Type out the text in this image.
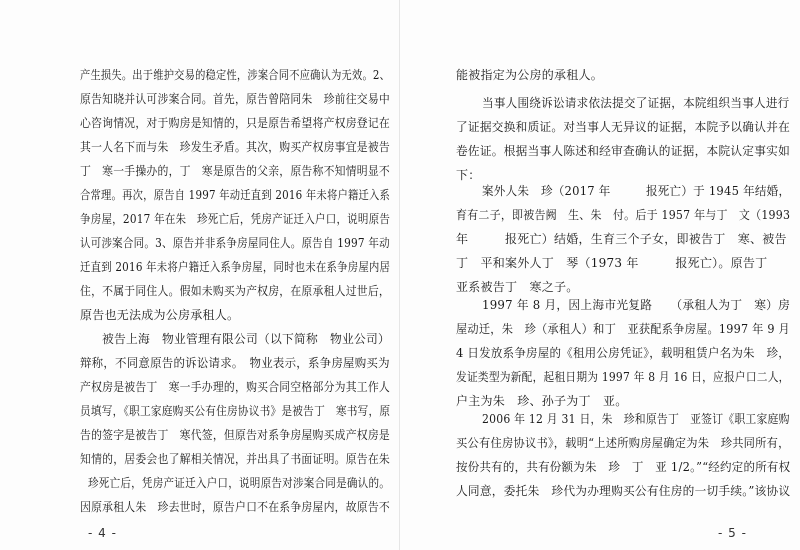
产生损失。出于维护交易的稳定性，涉案合同不应确认为无效。2、
原告知晓并认可涉案合同。首先，原告曾陪同朱　珍前往交易中
心咨询情况，对于购房是知情的，只是原告希望将产权房登记在
其一人名下而与朱　珍发生矛盾。其次，购买产权房事宜是被告
丁　寒一手操办的，丁　寒是原告的父亲，原告称不知情明显不
合常理。再次，原告自 1997 年动迁直到 2016 年未将户籍迁入系
争房屋，2017 年在朱　珍死亡后，凭房产证迁入户口，说明原告
认可涉案合同。3、原告并非系争房屋同住人。原告自 1997 年动
迁直到 2016 年未将户籍迁入系争房屋，同时也未在系争房屋内居
住，不属于同住人。假如未购买为产权房，在原承租人过世后，
原告也无法成为公房承租人。
被告上海　物业管理有限公司（以下简称　物业公司）
辩称，不同意原告的诉讼请求。　物业表示，系争房屋购买为
产权房是被告丁　寒一手办理的，购买合同空格部分为其工作人
员填写，《职工家庭购买公有住房协议书》是被告丁　寒书写，原
告的签字是被告丁　寒代签，但原告对系争房屋购买成产权房是
知情的，居委会也了解相关情况，并出具了书面证明。原告在朱
珍死亡后，凭房产证迁入户口，说明原告对涉案合同是确认的。
因原承租人朱　珍去世时，原告户口不在系争房屋内，故原告不
- 4 -
能被指定为公房的承租人。
当事人围绕诉讼请求依法提交了证据，本院组织当事人进行
了证据交换和质证。对当事人无异议的证据，本院予以确认并在
卷佐证。根据当事人陈述和经审查确认的证据，本院认定事实如
下：
案外人朱　珍（2017 年　　　报死亡）于 1945 年结婚，
育有二子，即被告阙　生、朱　付。后于 1957 年与丁　文（1993
年　　　报死亡）结婚，生育三个子女，即被告丁　寒、被告
丁　平和案外人丁　琴（1973 年　　　报死亡）。原告丁
亚系被告丁　寒之子。
1997 年 8 月，因上海市光复路　　（承租人为丁　寒）房
屋动迁，朱　珍（承租人）和丁　亚获配系争房屋。1997 年 9 月
4 日发放系争房屋的《租用公房凭证》，载明租赁户名为朱　珍，
发证类型为新配，起租日期为 1997 年 8 月 16 日，应报户口二人，
户主为朱　珍、孙子为丁　亚。
2006 年 12 月 31 日，朱　珍和原告丁　亚签订《职工家庭购
买公有住房协议书》，载明“上述所购房屋确定为朱　珍共同所有，
按份共有的，共有份额为朱　珍　丁　亚 1/2。”“经约定的所有权
人同意，委托朱　珍代为办理购买公有住房的一切手续。”该协议
- 5 -
